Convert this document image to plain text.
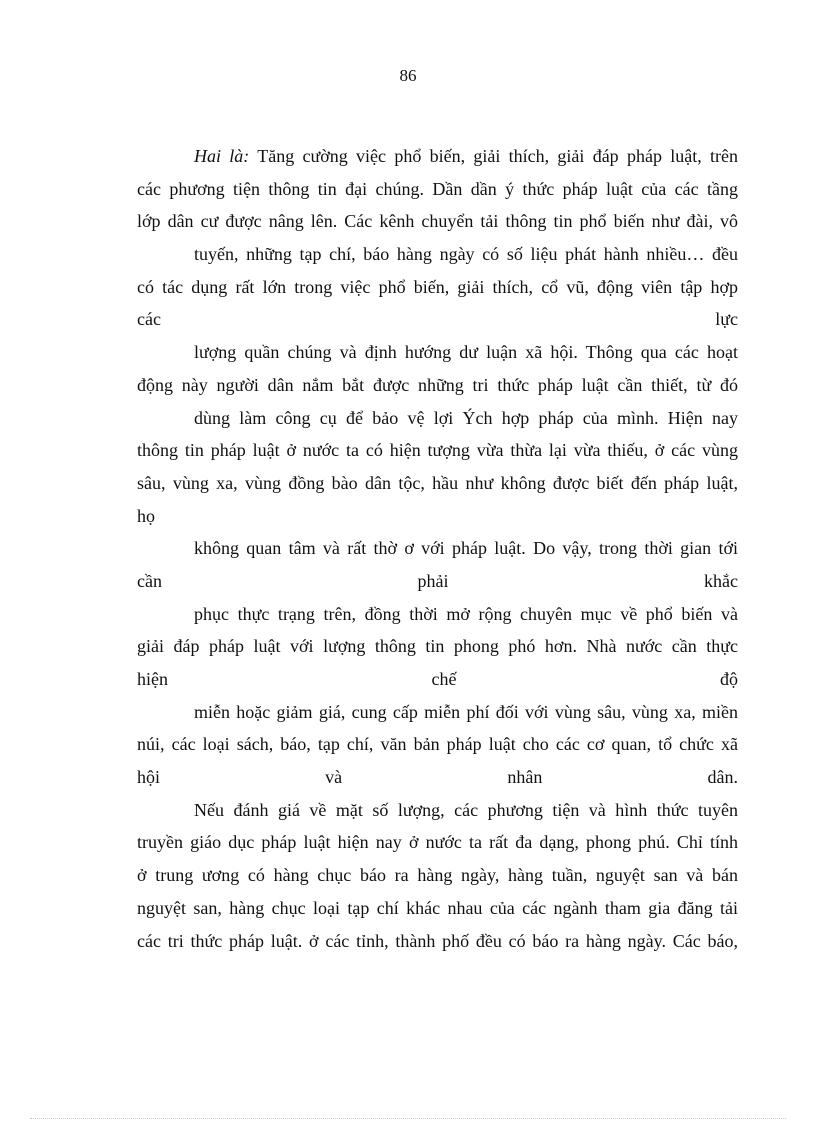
86
Hai là: Tăng cường việc phổ biến, giải thích, giải đáp pháp luật, trên
các phương tiện thông tin đại chúng. Dần dần ý thức pháp luật của các tầng
lớp dân cư được nâng lên. Các kênh chuyển tải thông tin phổ biến như đài, vô
tuyến, những tạp chí, báo hàng ngày có số liệu phát hành nhiều… đều
có tác dụng rất lớn trong việc phổ biến, giải thích, cổ vũ, động viên tập hợp
các lực
lượng quần chúng và định hướng dư luận xã hội. Thông qua các hoạt
động này người dân nắm bắt được những tri thức pháp luật cần thiết, từ đó
dùng làm công cụ để bảo vệ lợi Ých hợp pháp của mình. Hiện nay
thông tin pháp luật ở nước ta có hiện tượng vừa thừa lại vừa thiếu, ở các vùng
sâu, vùng xa, vùng đồng bào dân tộc, hầu như không được biết đến pháp luật,
họ
không quan tâm và rất thờ ơ với pháp luật. Do vậy, trong thời gian tới
cần phải khắc
phục thực trạng trên, đồng thời mở rộng chuyên mục về phổ biến và
giải đáp pháp luật với lượng thông tin phong phó hơn. Nhà nước cần thực
hiện chế độ
miễn hoặc giảm giá, cung cấp miễn phí đối với vùng sâu, vùng xa, miền
núi, các loại sách, báo, tạp chí, văn bản pháp luật cho các cơ quan, tổ chức xã
hội và nhân dân.
Nếu đánh giá về mặt số lượng, các phương tiện và hình thức tuyên
truyền giáo dục pháp luật hiện nay ở nước ta rất đa dạng, phong phú. Chỉ tính
ở trung ương có hàng chục báo ra hàng ngày, hàng tuần, nguyệt san và bán
nguyệt san, hàng chục loại tạp chí khác nhau của các ngành tham gia đăng tải
các tri thức pháp luật. ở các tỉnh, thành phố đều có báo ra hàng ngày. Các báo,
